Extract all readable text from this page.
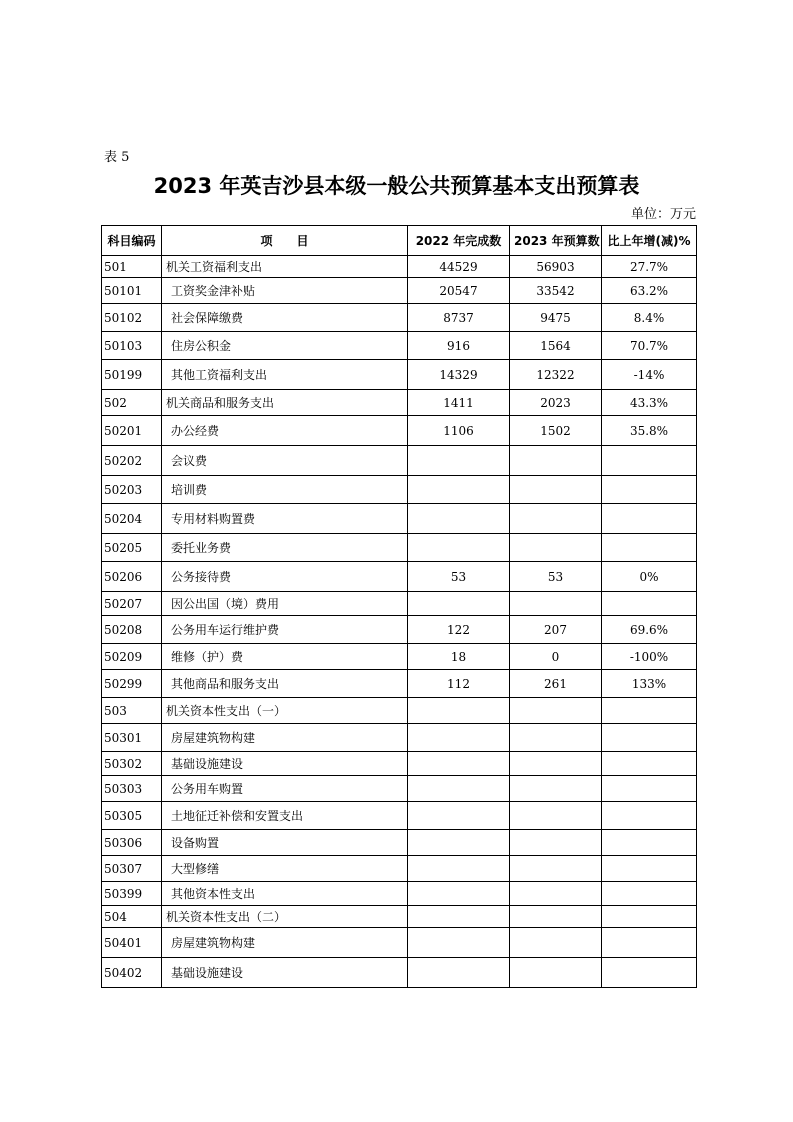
表 5
2023 年英吉沙县本级一般公共预算基本支出预算表
单位：万元
科目编码	项　　目	2022 年完成数	2023 年预算数	比上年增(减)%
501	机关工资福利支出	44529	56903	27.7%
50101	工资奖金津补贴	20547	33542	63.2%
50102	社会保障缴费	8737	9475	8.4%
50103	住房公积金	916	1564	70.7%
50199	其他工资福利支出	14329	12322	-14%
502	机关商品和服务支出	1411	2023	43.3%
50201	办公经费	1106	1502	35.8%
50202	会议费			
50203	培训费			
50204	专用材料购置费			
50205	委托业务费			
50206	公务接待费	53	53	0%
50207	因公出国（境）费用			
50208	公务用车运行维护费	122	207	69.6%
50209	维修（护）费	18	0	-100%
50299	其他商品和服务支出	112	261	133%
503	机关资本性支出（一）			
50301	房屋建筑物构建			
50302	基础设施建设			
50303	公务用车购置			
50305	土地征迁补偿和安置支出			
50306	设备购置			
50307	大型修缮			
50399	其他资本性支出			
504	机关资本性支出（二）			
50401	房屋建筑物构建			
50402	基础设施建设			
